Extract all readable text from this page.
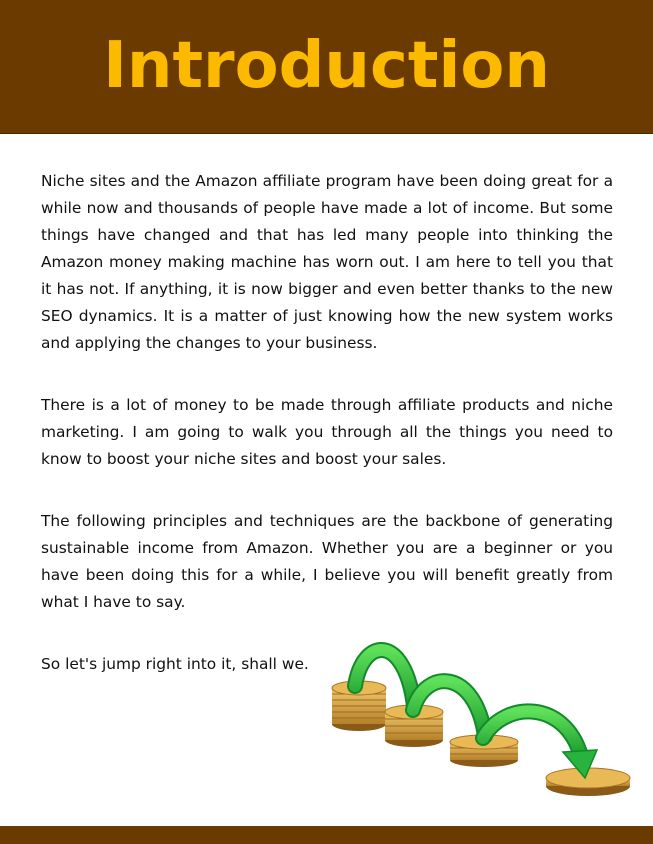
Introduction

Niche sites and the Amazon affiliate program have been doing great for a while now and thousands of people have made a lot of income. But some things have changed and that has led many people into thinking the Amazon money making machine has worn out. I am here to tell you that it has not. If anything, it is now bigger and even better thanks to the new SEO dynamics. It is a matter of just knowing how the new system works and applying the changes to your business.

There is a lot of money to be made through affiliate products and niche marketing. I am going to walk you through all the things you need to know to boost your niche sites and boost your sales.

The following principles and techniques are the backbone of generating sustainable income from Amazon. Whether you are a beginner or you have been doing this for a while, I believe you will benefit greatly from what I have to say.

So let's jump right into it, shall we.
